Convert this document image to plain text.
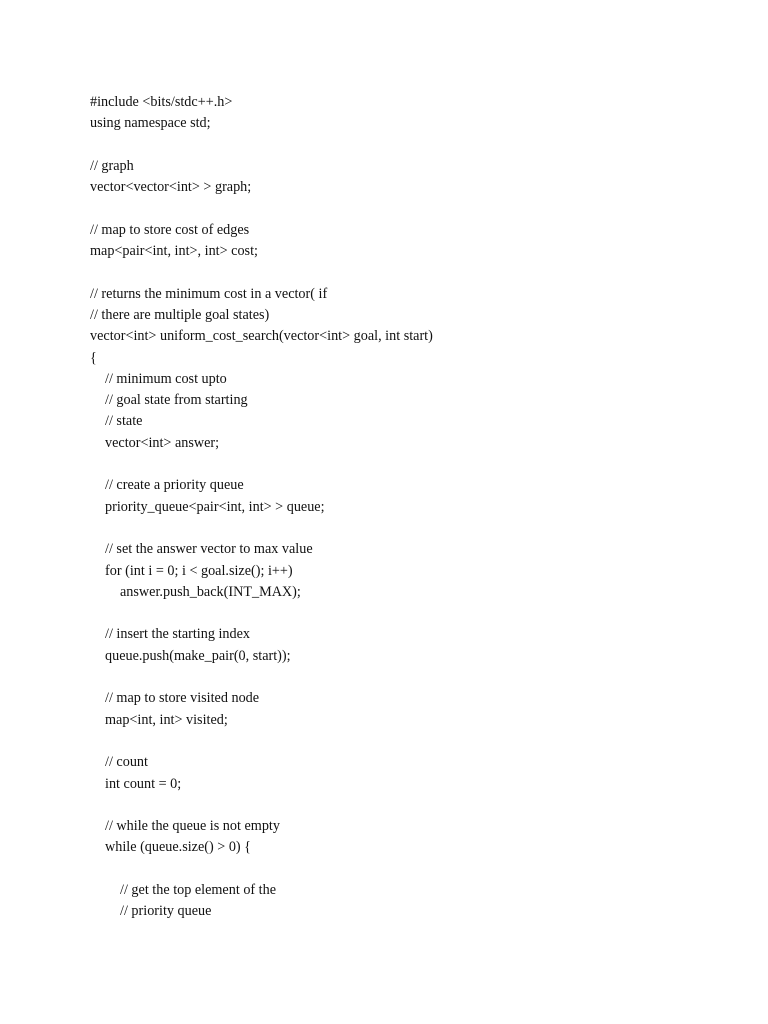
#include <bits/stdc++.h>
using namespace std;
// graph
vector<vector<int> > graph;
// map to store cost of edges
map<pair<int, int>, int> cost;
// returns the minimum cost in a vector( if
// there are multiple goal states)
vector<int> uniform_cost_search(vector<int> goal, int start)
{
// minimum cost upto
// goal state from starting
// state
vector<int> answer;
// create a priority queue
priority_queue<pair<int, int> > queue;
// set the answer vector to max value
for (int i = 0; i < goal.size(); i++)
answer.push_back(INT_MAX);
// insert the starting index
queue.push(make_pair(0, start));
// map to store visited node
map<int, int> visited;
// count
int count = 0;
// while the queue is not empty
while (queue.size() > 0) {
// get the top element of the
// priority queue
